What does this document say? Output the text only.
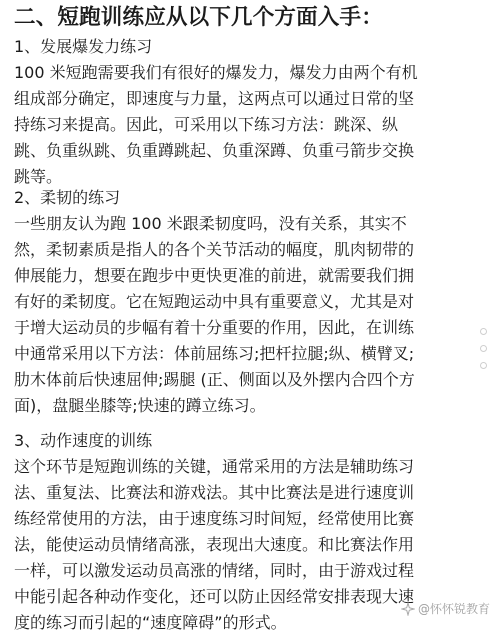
二、短跑训练应从以下几个方面入手：
1、发展爆发力练习
100 米短跑需要我们有很好的爆发力，爆发力由两个有机
组成部分确定，即速度与力量，这两点可以通过日常的坚
持练习来提高。因此，可采用以下练习方法：跳深、纵
跳、负重纵跳、负重蹲跳起、负重深蹲、负重弓箭步交换
跳等。
2、柔韧的练习
一些朋友认为跑 100 米跟柔韧度吗，没有关系，其实不
然，柔韧素质是指人的各个关节活动的幅度，肌肉韧带的
伸展能力，想要在跑步中更快更准的前进，就需要我们拥
有好的柔韧度。它在短跑运动中具有重要意义，尤其是对
于增大运动员的步幅有着十分重要的作用，因此，在训练
中通常采用以下方法：体前屈练习;把杆拉腿;纵、横臂叉;
肋木体前后快速屈伸;踢腿 (正、侧面以及外摆内合四个方
面)，盘腿坐膝等;快速的蹲立练习。
3、动作速度的训练
这个环节是短跑训练的关键，通常采用的方法是辅助练习
法、重复法、比赛法和游戏法。其中比赛法是进行速度训
练经常使用的方法，由于速度练习时间短，经常使用比赛
法，能使运动员情绪高涨，表现出大速度。和比赛法作用
一样，可以激发运动员高涨的情绪，同时，由于游戏过程
中能引起各种动作变化，还可以防止因经常安排表现大速
度的练习而引起的“速度障碍”的形式。
@怀怀锐教育
